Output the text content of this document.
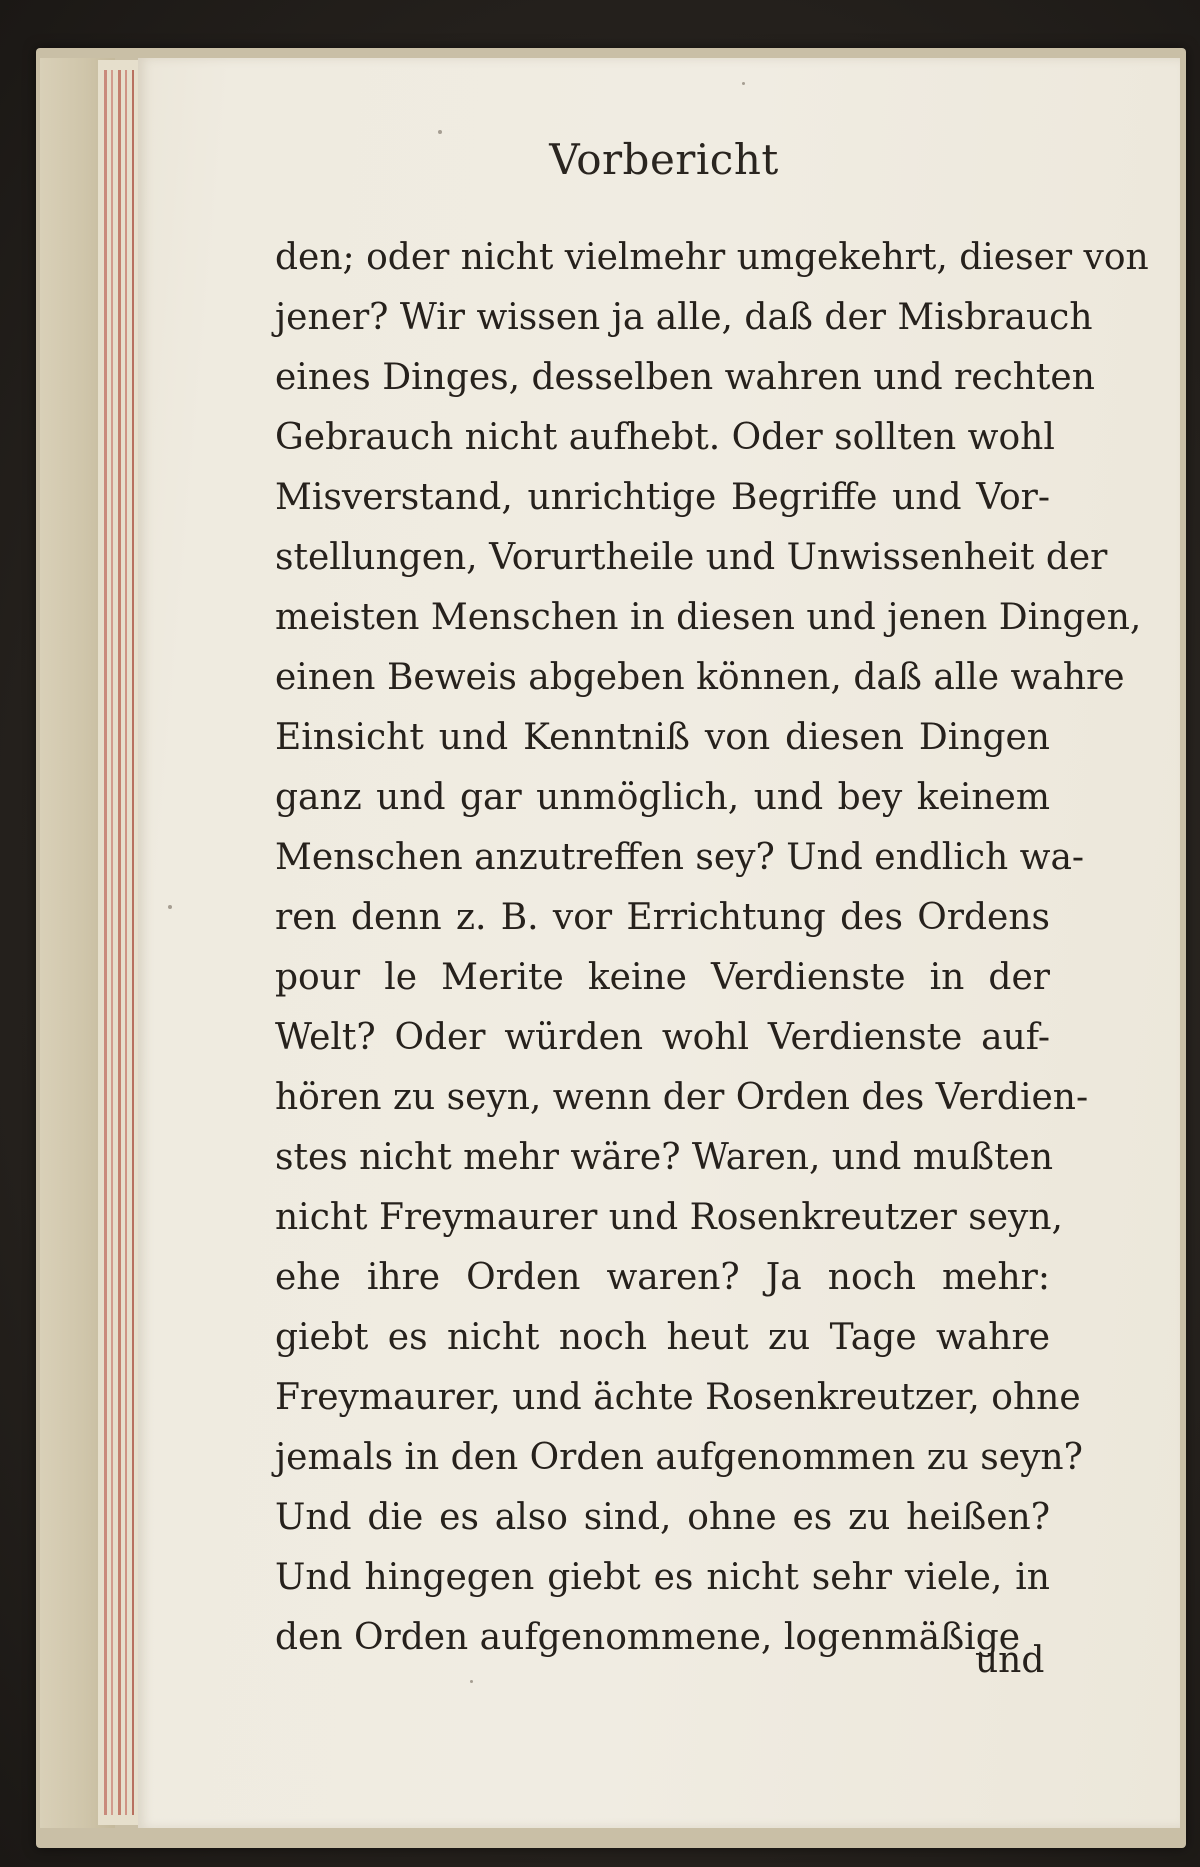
Vorbericht
den; oder nicht vielmehr umgekehrt, dieser von
jener? Wir wissen ja alle, daß der Misbrauch
eines Dinges, desselben wahren und rechten
Gebrauch nicht aufhebt. Oder sollten wohl
Misverstand, unrichtige Begriffe und Vor-
stellungen, Vorurtheile und Unwissenheit der
meisten Menschen in diesen und jenen Dingen,
einen Beweis abgeben können, daß alle wahre
Einsicht und Kenntniß von diesen Dingen
ganz und gar unmöglich, und bey keinem
Menschen anzutreffen sey? Und endlich wa-
ren denn z. B. vor Errichtung des Ordens
pour le Merite keine Verdienste in der
Welt? Oder würden wohl Verdienste auf-
hören zu seyn, wenn der Orden des Verdien-
stes nicht mehr wäre? Waren, und mußten
nicht Freymaurer und Rosenkreutzer seyn,
ehe ihre Orden waren? Ja noch mehr:
giebt es nicht noch heut zu Tage wahre
Freymaurer, und ächte Rosenkreutzer, ohne
jemals in den Orden aufgenommen zu seyn?
Und die es also sind, ohne es zu heißen?
Und hingegen giebt es nicht sehr viele, in
den Orden aufgenommene, logenmäßige
und
